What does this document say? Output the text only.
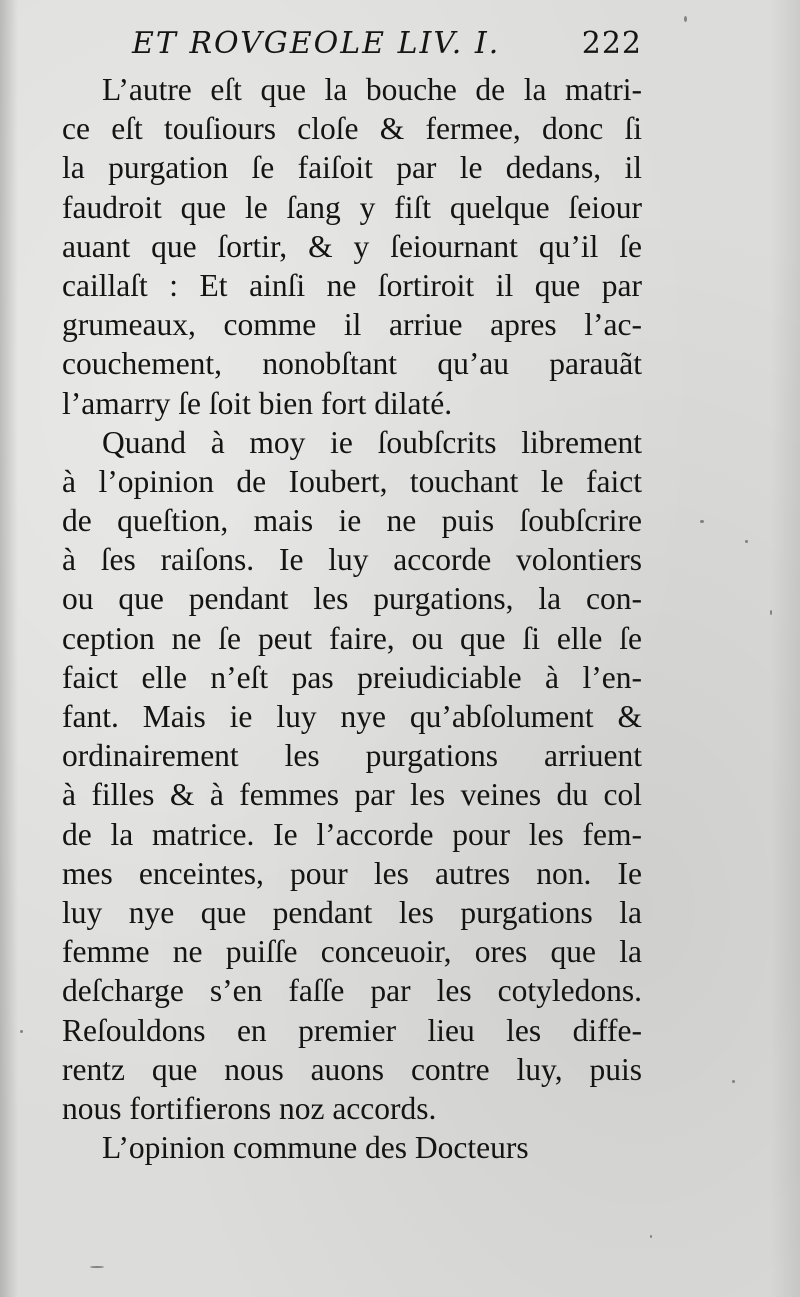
ET ROVGEOLE LIV. I.	222
L’autre eſt que la bouche de la matri-
ce eſt touſiours cloſe & fermee, donc ſi
la purgation ſe faiſoit par le dedans, il
faudroit que le ſang y fiſt quelque ſeiour
auant que ſortir, & y ſeiournant qu’il ſe
caillaſt : Et ainſi ne ſortiroit il que par
grumeaux, comme il arriue apres l’ac-
couchement, nonobſtant qu’au parauãt
l’amarry ſe ſoit bien fort dilaté.
Quand à moy ie ſoubſcrits librement
à l’opinion de Ioubert, touchant le faict
de queſtion, mais ie ne puis ſoubſcrire
à ſes raiſons. Ie luy accorde volontiers
ou que pendant les purgations, la con-
ception ne ſe peut faire, ou que ſi elle ſe
faict elle n’eſt pas preiudiciable à l’en-
fant. Mais ie luy nye qu’abſolument &
ordinairement les purgations arriuent
à filles & à femmes par les veines du col
de la matrice. Ie l’accorde pour les fem-
mes enceintes, pour les autres non. Ie
luy nye que pendant les purgations la
femme ne puiſſe conceuoir, ores que la
deſcharge s’en faſſe par les cotyledons.
Reſouldons en premier lieu les diffe-
rentz que nous auons contre luy, puis
nous fortifierons noz accords.
L’opinion commune des Docteurs
